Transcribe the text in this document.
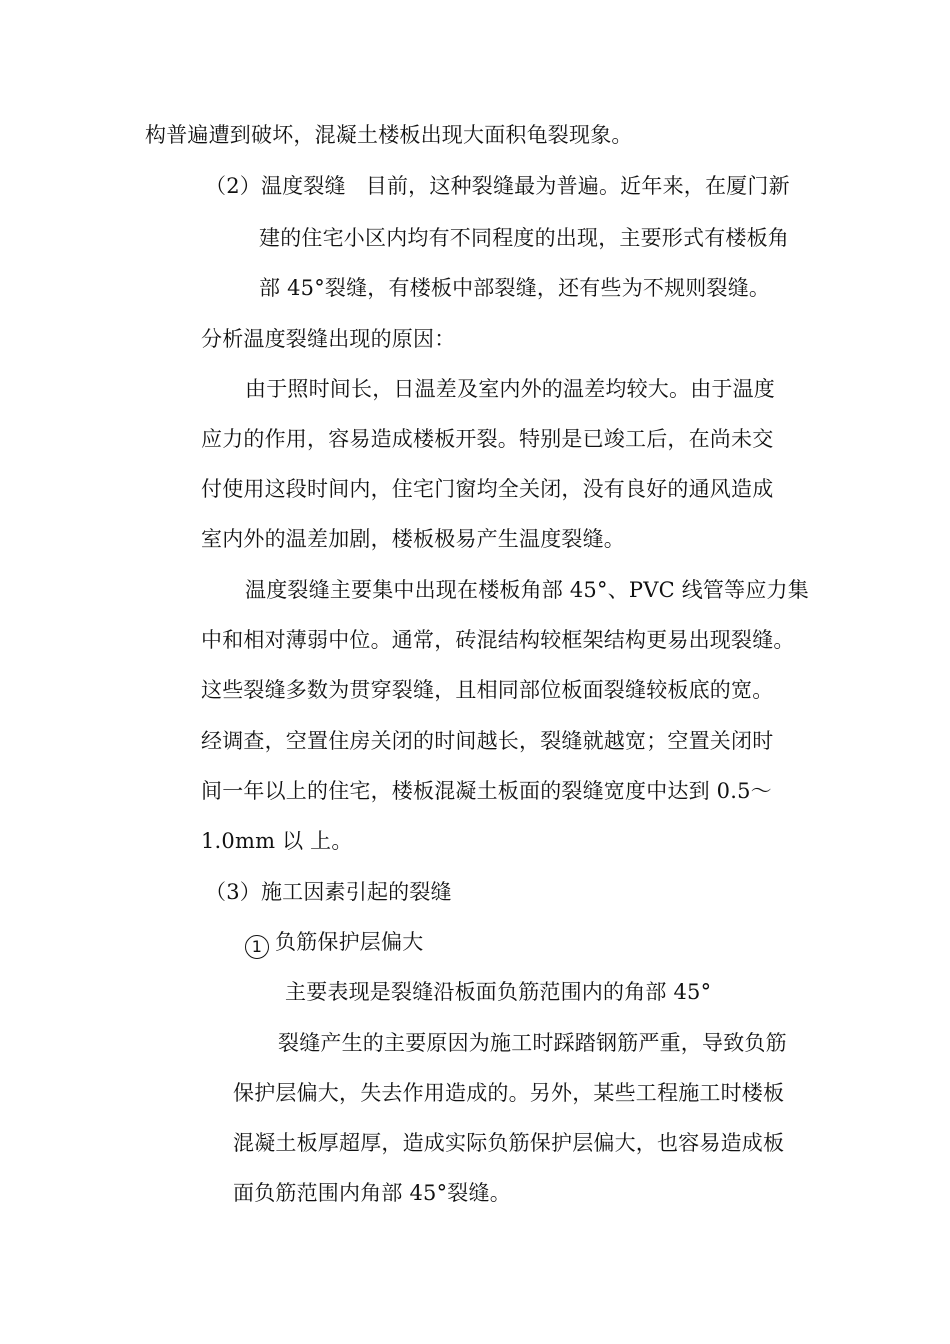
构普遍遭到破坏，混凝土楼板出现大面积龟裂现象。
（2）温度裂缝 目前，这种裂缝最为普遍。近年来，在厦门新
建的住宅小区内均有不同程度的出现，主要形式有楼板角
部 45°裂缝，有楼板中部裂缝，还有些为不规则裂缝。
分析温度裂缝出现的原因：
由于照时间长，日温差及室内外的温差均较大。由于温度
应力的作用，容易造成楼板开裂。特别是已竣工后，在尚未交
付使用这段时间内，住宅门窗均全关闭，没有良好的通风造成
室内外的温差加剧，楼板极易产生温度裂缝。
温度裂缝主要集中出现在楼板角部 45°、PVC 线管等应力集
中和相对薄弱中位。通常，砖混结构较框架结构更易出现裂缝。
这些裂缝多数为贯穿裂缝，且相同部位板面裂缝较板底的宽。
经调查，空置住房关闭的时间越长，裂缝就越宽；空置关闭时
间一年以上的住宅，楼板混凝土板面的裂缝宽度中达到 0.5～
1.0mm 以 上。
（3）施工因素引起的裂缝
1 负筋保护层偏大
主要表现是裂缝沿板面负筋范围内的角部 45°
裂缝产生的主要原因为施工时踩踏钢筋严重，导致负筋
保护层偏大，失去作用造成的。另外，某些工程施工时楼板
混凝土板厚超厚，造成实际负筋保护层偏大，也容易造成板
面负筋范围内角部 45°裂缝。
